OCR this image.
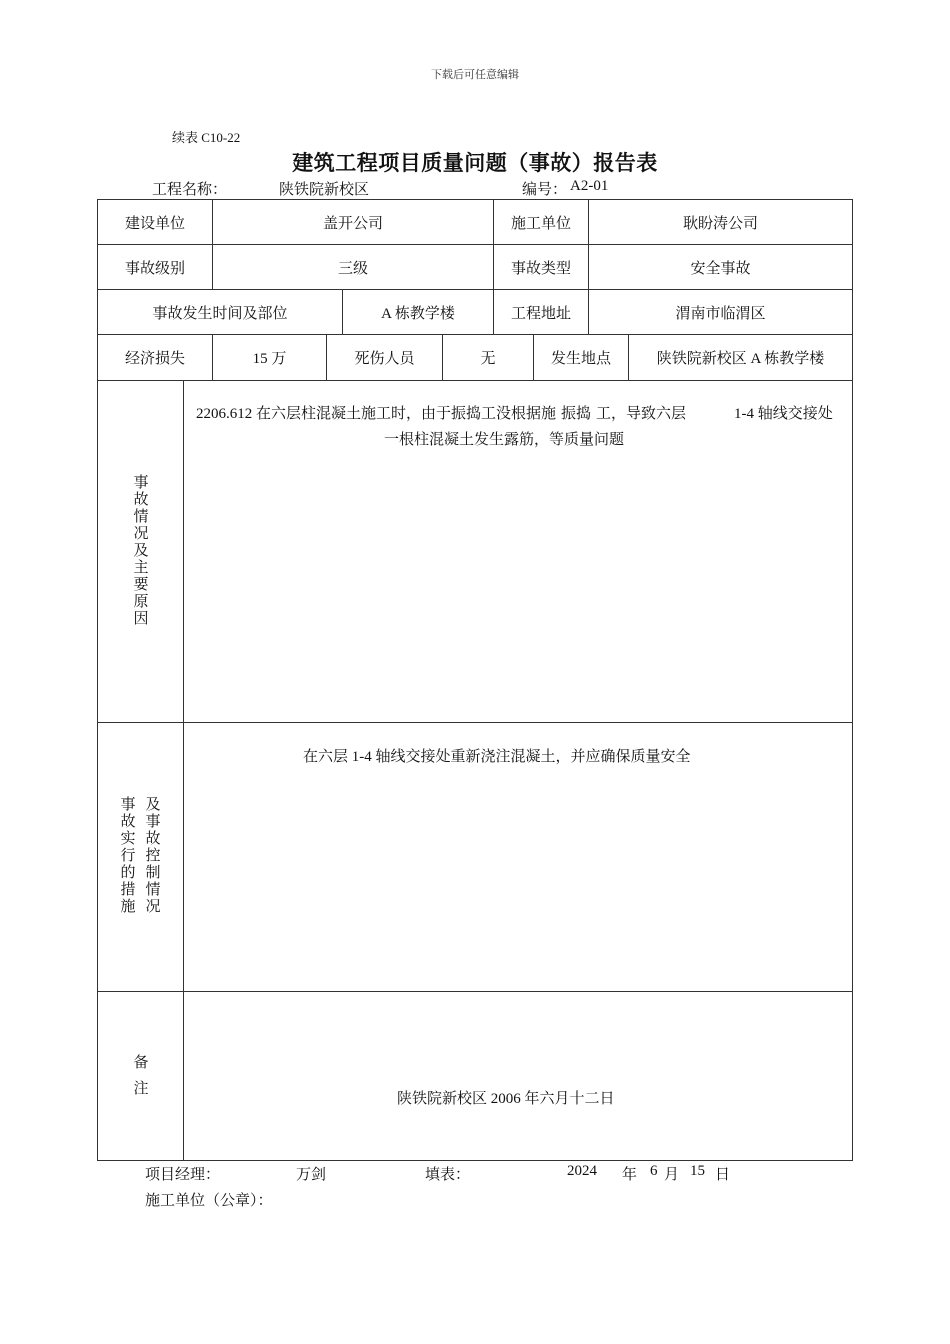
下载后可任意编辑
续表 C10-22
建筑工程项目质量问题（事故）报告表
工程名称：	陕铁院新校区	编号： A2-01
建设单位	盖开公司	施工单位	耿盼涛公司
事故级别	三级	事故类型	安全事故
事故发生时间及部位	A 栋教学楼	工程地址	渭南市临渭区
经济损失	15 万	死伤人员	无	发生地点	陕铁院新校区 A 栋教学楼
事
故
情
况
及
主
要
原
因
2206.612 在六层柱混凝土施工时，由于振捣工没根据施 振捣 工，导致六层	1-4 轴线交接处
一根柱混凝土发生露筋，等质量问题
事
故
实
行
的
措
施
及
事
故
控
制
情
况
在六层 1-4 轴线交接处重新浇注混凝土，并应确保质量安全
备
注
陕铁院新校区 2006 年六月十二日
项目经理：	万剑	填表：	2024 年 6 月 15 日
施工单位（公章）：
